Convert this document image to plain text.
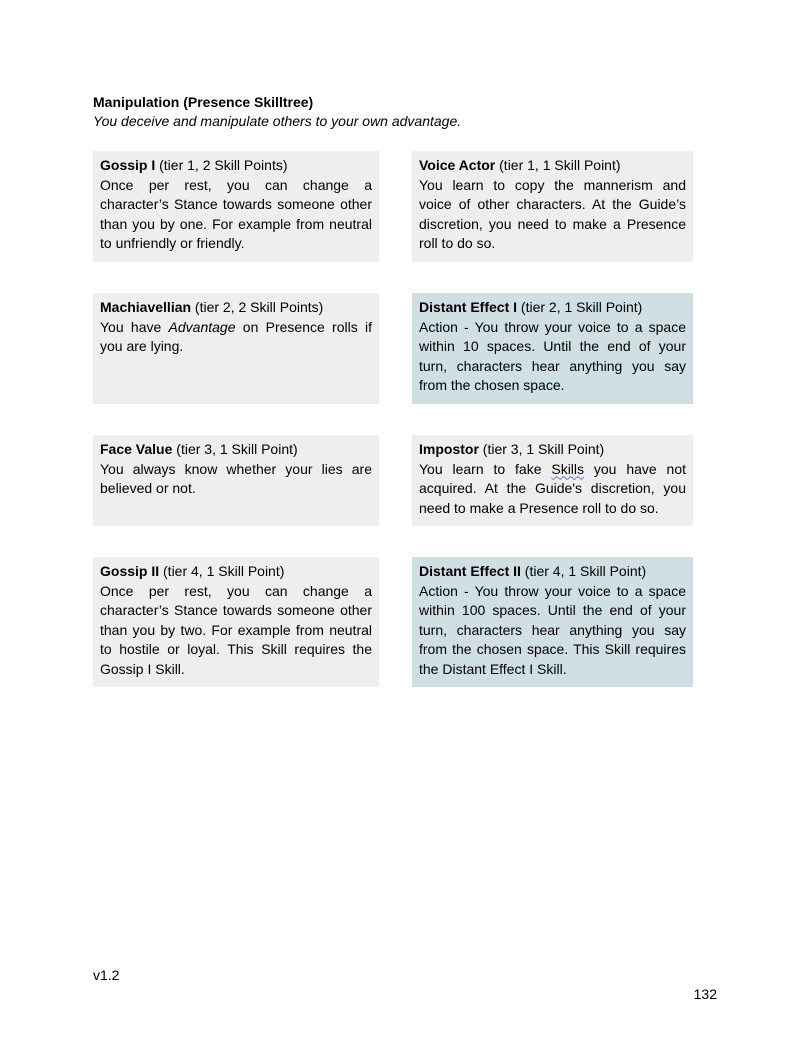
Manipulation (Presence Skilltree)
You deceive and manipulate others to your own advantage.
Gossip I (tier 1, 2 Skill Points)
Once per rest, you can change a character’s Stance towards someone other than you by one. For example from neutral to unfriendly or friendly.
Voice Actor (tier 1, 1 Skill Point)
You learn to copy the mannerism and voice of other characters. At the Guide’s discretion, you need to make a Presence roll to do so.
Machiavellian (tier 2, 2 Skill Points)
You have Advantage on Presence rolls if you are lying.
Distant Effect I (tier 2, 1 Skill Point)
Action - You throw your voice to a space within 10 spaces. Until the end of your turn, characters hear anything you say from the chosen space.
Face Value (tier 3, 1 Skill Point)
You always know whether your lies are believed or not.
Impostor (tier 3, 1 Skill Point)
You learn to fake Skills you have not acquired. At the Guide's discretion, you need to make a Presence roll to do so.
Gossip II (tier 4, 1 Skill Point)
Once per rest, you can change a character’s Stance towards someone other than you by two. For example from neutral to hostile or loyal. This Skill requires the Gossip I Skill.
Distant Effect II (tier 4, 1 Skill Point)
Action - You throw your voice to a space within 100 spaces. Until the end of your turn, characters hear anything you say from the chosen space. This Skill requires the Distant Effect I Skill.
v1.2
132
